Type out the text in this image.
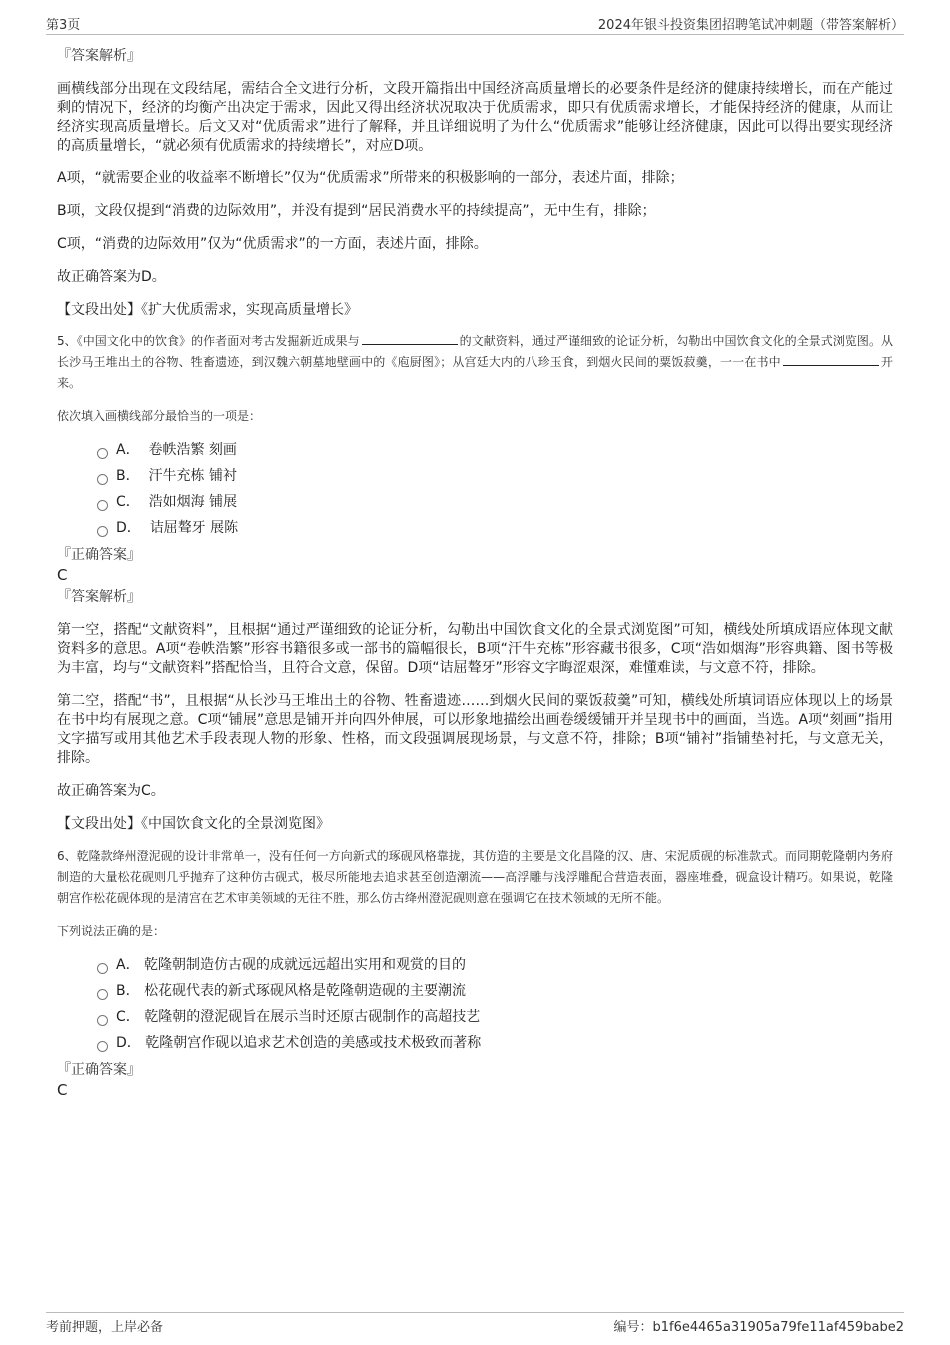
第3页	2024年银斗投资集团招聘笔试冲刺题（带答案解析）
『答案解析』

画横线部分出现在文段结尾，需结合全文进行分析，文段开篇指出中国经济高质量增长的必要条件是经济的健康持续增长，而在产能过剩的情况下，经济的均衡产出决定于需求，因此又得出经济状况取决于优质需求，即只有优质需求增长，才能保持经济的健康，从而让经济实现高质量增长。后文又对“优质需求”进行了解释，并且详细说明了为什么“优质需求”能够让经济健康，因此可以得出要实现经济的高质量增长，“就必须有优质需求的持续增长”，对应D项。

A项，“就需要企业的收益率不断增长”仅为“优质需求”所带来的积极影响的一部分，表述片面，排除；

B项，文段仅提到“消费的边际效用”，并没有提到“居民消费水平的持续提高”，无中生有，排除；

C项，“消费的边际效用”仅为“优质需求”的一方面，表述片面，排除。

故正确答案为D。

【文段出处】《扩大优质需求，实现高质量增长》

5、《中国文化中的饮食》的作者面对考古发掘新近成果与	的文献资料，通过严谨细致的论证分析，勾勒出中国饮食文化的全景式浏览图。从长沙马王堆出土的谷物、牲畜遗迹，到汉魏六朝墓地壁画中的《庖厨图》；从宫廷大内的八珍玉食，到烟火民间的粟饭菽羹，一一在书中	开来。

依次填入画横线部分最恰当的一项是：

A． 卷帙浩繁 刻画
B． 汗牛充栋 铺衬
C． 浩如烟海 铺展
D． 诘屈聱牙 展陈
『正确答案』
C
『答案解析』

第一空，搭配“文献资料”，且根据“通过严谨细致的论证分析，勾勒出中国饮食文化的全景式浏览图”可知，横线处所填成语应体现文献资料多的意思。A项“卷帙浩繁”形容书籍很多或一部书的篇幅很长，B项“汗牛充栋”形容藏书很多，C项“浩如烟海”形容典籍、图书等极为丰富，均与“文献资料”搭配恰当，且符合文意，保留。D项“诘屈聱牙”形容文字晦涩艰深，难懂难读，与文意不符，排除。

第二空，搭配“书”，且根据“从长沙马王堆出土的谷物、牲畜遗迹……到烟火民间的粟饭菽羹”可知，横线处所填词语应体现以上的场景在书中均有展现之意。C项“铺展”意思是铺开并向四外伸展，可以形象地描绘出画卷缓缓铺开并呈现书中的画面，当选。A项“刻画”指用文字描写或用其他艺术手段表现人物的形象、性格，而文段强调展现场景，与文意不符，排除；B项“铺衬”指铺垫衬托，与文意无关，排除。

故正确答案为C。

【文段出处】《中国饮食文化的全景浏览图》

6、乾隆款绛州澄泥砚的设计非常单一，没有任何一方向新式的琢砚风格靠拢，其仿造的主要是文化昌隆的汉、唐、宋泥质砚的标准款式。而同期乾隆朝内务府制造的大量松花砚则几乎抛弃了这种仿古砚式，极尽所能地去追求甚至创造潮流——高浮雕与浅浮雕配合营造表面，器座堆叠，砚盒设计精巧。如果说，乾隆朝宫作松花砚体现的是清宫在艺术审美领域的无往不胜，那么仿古绛州澄泥砚则意在强调它在技术领域的无所不能。

下列说法正确的是：

A． 乾隆朝制造仿古砚的成就远远超出实用和观赏的目的
B． 松花砚代表的新式琢砚风格是乾隆朝造砚的主要潮流
C． 乾隆朝的澄泥砚旨在展示当时还原古砚制作的高超技艺
D． 乾隆朝宫作砚以追求艺术创造的美感或技术极致而著称
『正确答案』
C
考前押题，上岸必备	编号：b1f6e4465a31905a79fe11af459babe2
